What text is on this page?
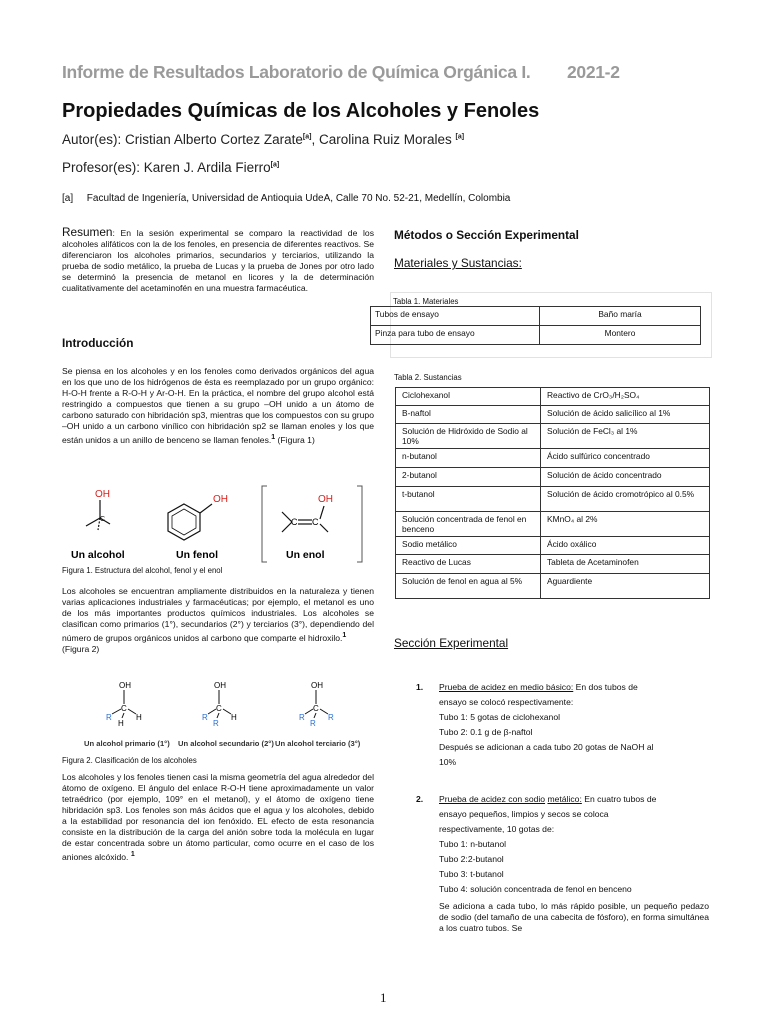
Informe de Resultados Laboratorio de Química Orgánica I. 2021-2
Propiedades Químicas de los Alcoholes y Fenoles
Autor(es): Cristian Alberto Cortez Zarate[a], Carolina Ruiz Morales [a]
Profesor(es): Karen J. Ardila Fierro[a]
[a] Facultad de Ingeniería, Universidad de Antioquia UdeA, Calle 70 No. 52-21, Medellín, Colombia
Resumen: En la sesión experimental se comparo la reactividad de los alcoholes alifáticos con la de los fenoles, en presencia de diferentes reactivos. Se diferenciaron los alcoholes primarios, secundarios y terciarios, utilizando la prueba de sodio metálico, la prueba de Lucas y la prueba de Jones por otro lado se determinó la presencia de metanol en licores y la de determinación cualitativamente del acetaminofén en una muestra farmacéutica.
Introducción
Se piensa en los alcoholes y en los fenoles como derivados orgánicos del agua en los que uno de los hidrógenos de ésta es reemplazado por un grupo orgánico: H-O-H frente a R-O-H y Ar-O-H. En la práctica, el nombre del grupo alcohol está restringido a compuestos que tienen a su grupo –OH unido a un átomo de carbono saturado con hibridación sp3, mientras que los compuestos con su grupo –OH unido a un carbono vinílico con hibridación sp2 se llaman enoles y los que están unidos a un anillo de benceno se llaman fenoles.$^1$ (Figura 1)
OH
C
Un alcohol
OH
Un fenol
C C
OH
Un enol
Figura 1. Estructura del alcohol, fenol y el enol
Los alcoholes se encuentran ampliamente distribuidos en la naturaleza y tienen varias aplicaciones industriales y farmacéuticas; por ejemplo, el metanol es uno de los más importantes productos químicos industriales. Los alcoholes se clasifican como primarios (1°), secundarios (2°) y terciarios (3°), dependiendo del número de grupos orgánicos unidos al carbono que comparte el hidroxilo.$^1$
(Figura 2)
OH
C
R	H
H
Un alcohol primario (1°)
OH
C
R	H
R
Un alcohol secundario (2°)
OH
C
R	R
R
Un alcohol terciario (3°)
Figura 2. Clasificación de los alcoholes
Los alcoholes y los fenoles tienen casi la misma geometría del agua alrededor del átomo de oxígeno. El ángulo del enlace R-O-H tiene aproximadamente un valor tetraédrico (por ejemplo, 109° en el metanol), y el átomo de oxígeno tiene hibridación sp3. Los fenoles son más ácidos que el agua y los alcoholes, debido a la estabilidad por resonancia del ion fenóxido. EL efecto de esta resonancia consiste en la distribución de la carga del anión sobre toda la molécula en lugar de estar concentrada sobre un átomo particular, como ocurre en el caso de los aniones alcóxido. $^1$
Métodos o Sección Experimental
Materiales y Sustancias:
Tabla 1. Materiales
Tubos de ensayo	Baño maría
Pinza para tubo de ensayo	Montero
Tabla 2. Sustancias
Ciclohexanol	Reactivo de CrO₃/H₂SO₄
B-naftol	Solución de ácido salicílico al 1%
Solución de Hidróxido de Sodio al 10%	Solución de FeCl₃ al 1%
n-butanol	Ácido sulfúrico concentrado
2-butanol	Solución de ácido concentrado
t-butanol	Solución de ácido cromotrópico al 0.5%
Solución concentrada de fenol en benceno	KMnO₄ al 2%
Sodio metálico	Ácido oxálico
Reactivo de Lucas	Tableta de Acetaminofen
Solución de fenol en agua al 5%	Aguardiente
Sección Experimental
1. Prueba de acidez en medio básico: En dos tubos de
ensayo se colocó respectivamente:
Tubo 1: 5 gotas de ciclohexanol
Tubo 2: 0.1 g de β-naftol
Después se adicionan a cada tubo 20 gotas de NaOH al
10%
2. Prueba de acidez con sodio metálico: En cuatro tubos de
ensayo pequeños, limpios y secos se coloca
respectivamente, 10 gotas de:
Tubo 1: n-butanol
Tubo 2:2-butanol
Tubo 3: t-butanol
Tubo 4: solución concentrada de fenol en benceno
Se adiciona a cada tubo, lo más rápido posible, un pequeño pedazo de sodio (del tamaño de una cabecita de fósforo), en forma simultánea a los cuatro tubos. Se
1
